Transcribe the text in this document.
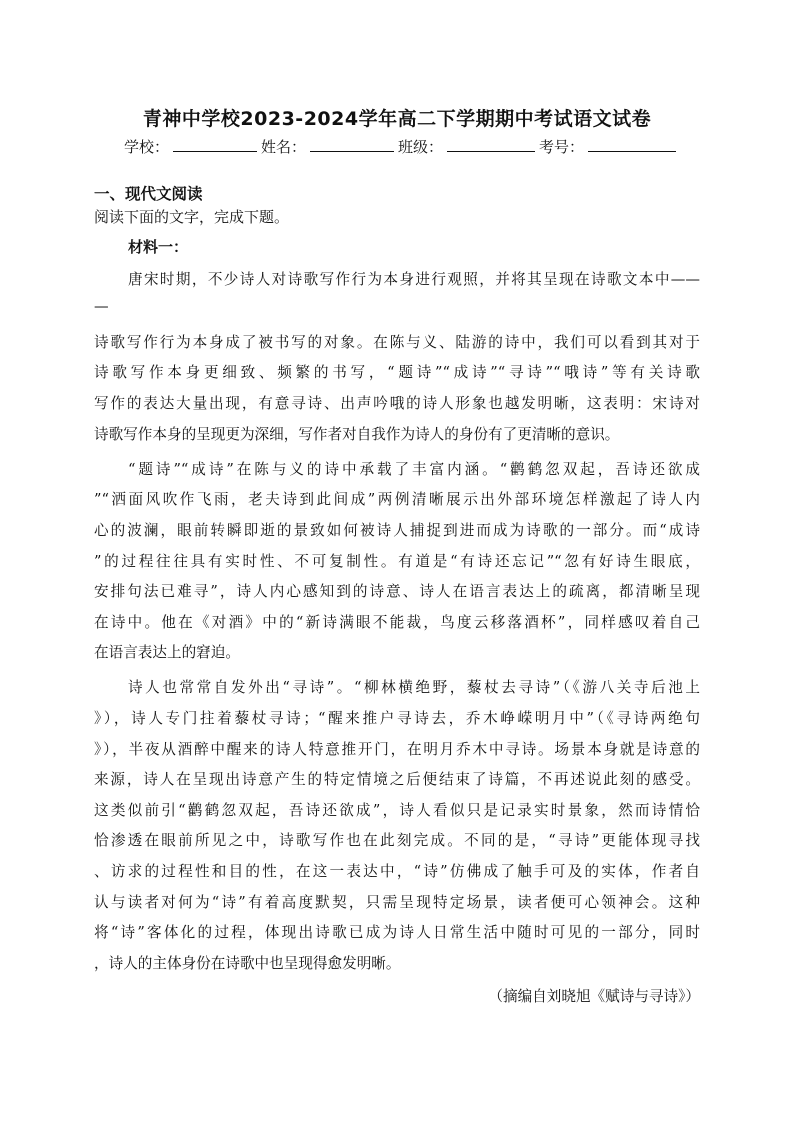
青神中学校2023-2024学年高二下学期期中考试语文试卷
学校：	姓名：	班级：	考号：
一、现代文阅读
阅读下面的文字，完成下题。
材料一：
唐宋时期，不少诗人对诗歌写作行为本身进行观照，并将其呈现在诗歌文本中——
—
诗歌写作行为本身成了被书写的对象。在陈与义、陆游的诗中，我们可以看到其对于
诗歌写作本身更细致、频繁的书写，“题诗”“成诗”“寻诗”“哦诗”等有关诗歌
写作的表达大量出现，有意寻诗、出声吟哦的诗人形象也越发明晰，这表明：宋诗对
诗歌写作本身的呈现更为深细，写作者对自我作为诗人的身份有了更清晰的意识。
“题诗”“成诗”在陈与义的诗中承载了丰富内涵。“鹳鹤忽双起，吾诗还欲成
”“洒面风吹作飞雨，老夫诗到此间成”两例清晰展示出外部环境怎样激起了诗人内
心的波澜，眼前转瞬即逝的景致如何被诗人捕捉到进而成为诗歌的一部分。而“成诗
”的过程往往具有实时性、不可复制性。有道是“有诗还忘记”“忽有好诗生眼底，
安排句法已难寻”，诗人内心感知到的诗意、诗人在语言表达上的疏离，都清晰呈现
在诗中。他在《对酒》中的“新诗满眼不能裁，鸟度云移落酒杯”，同样感叹着自己
在语言表达上的窘迫。
诗人也常常自发外出“寻诗”。“柳林横绝野，藜杖去寻诗”（《游八关寺后池上
》），诗人专门拄着藜杖寻诗；“醒来推户寻诗去，乔木峥嵘明月中”（《寻诗两绝句
》），半夜从酒醉中醒来的诗人特意推开门，在明月乔木中寻诗。场景本身就是诗意的
来源，诗人在呈现出诗意产生的特定情境之后便结束了诗篇，不再述说此刻的感受。
这类似前引“鹳鹤忽双起，吾诗还欲成”，诗人看似只是记录实时景象，然而诗情恰
恰渗透在眼前所见之中，诗歌写作也在此刻完成。不同的是，“寻诗”更能体现寻找
、访求的过程性和目的性，在这一表达中，“诗”仿佛成了触手可及的实体，作者自
认与读者对何为“诗”有着高度默契，只需呈现特定场景，读者便可心领神会。这种
将“诗”客体化的过程，体现出诗歌已成为诗人日常生活中随时可见的一部分，同时
，诗人的主体身份在诗歌中也呈现得愈发明晰。
（摘编自刘晓旭《赋诗与寻诗》）
